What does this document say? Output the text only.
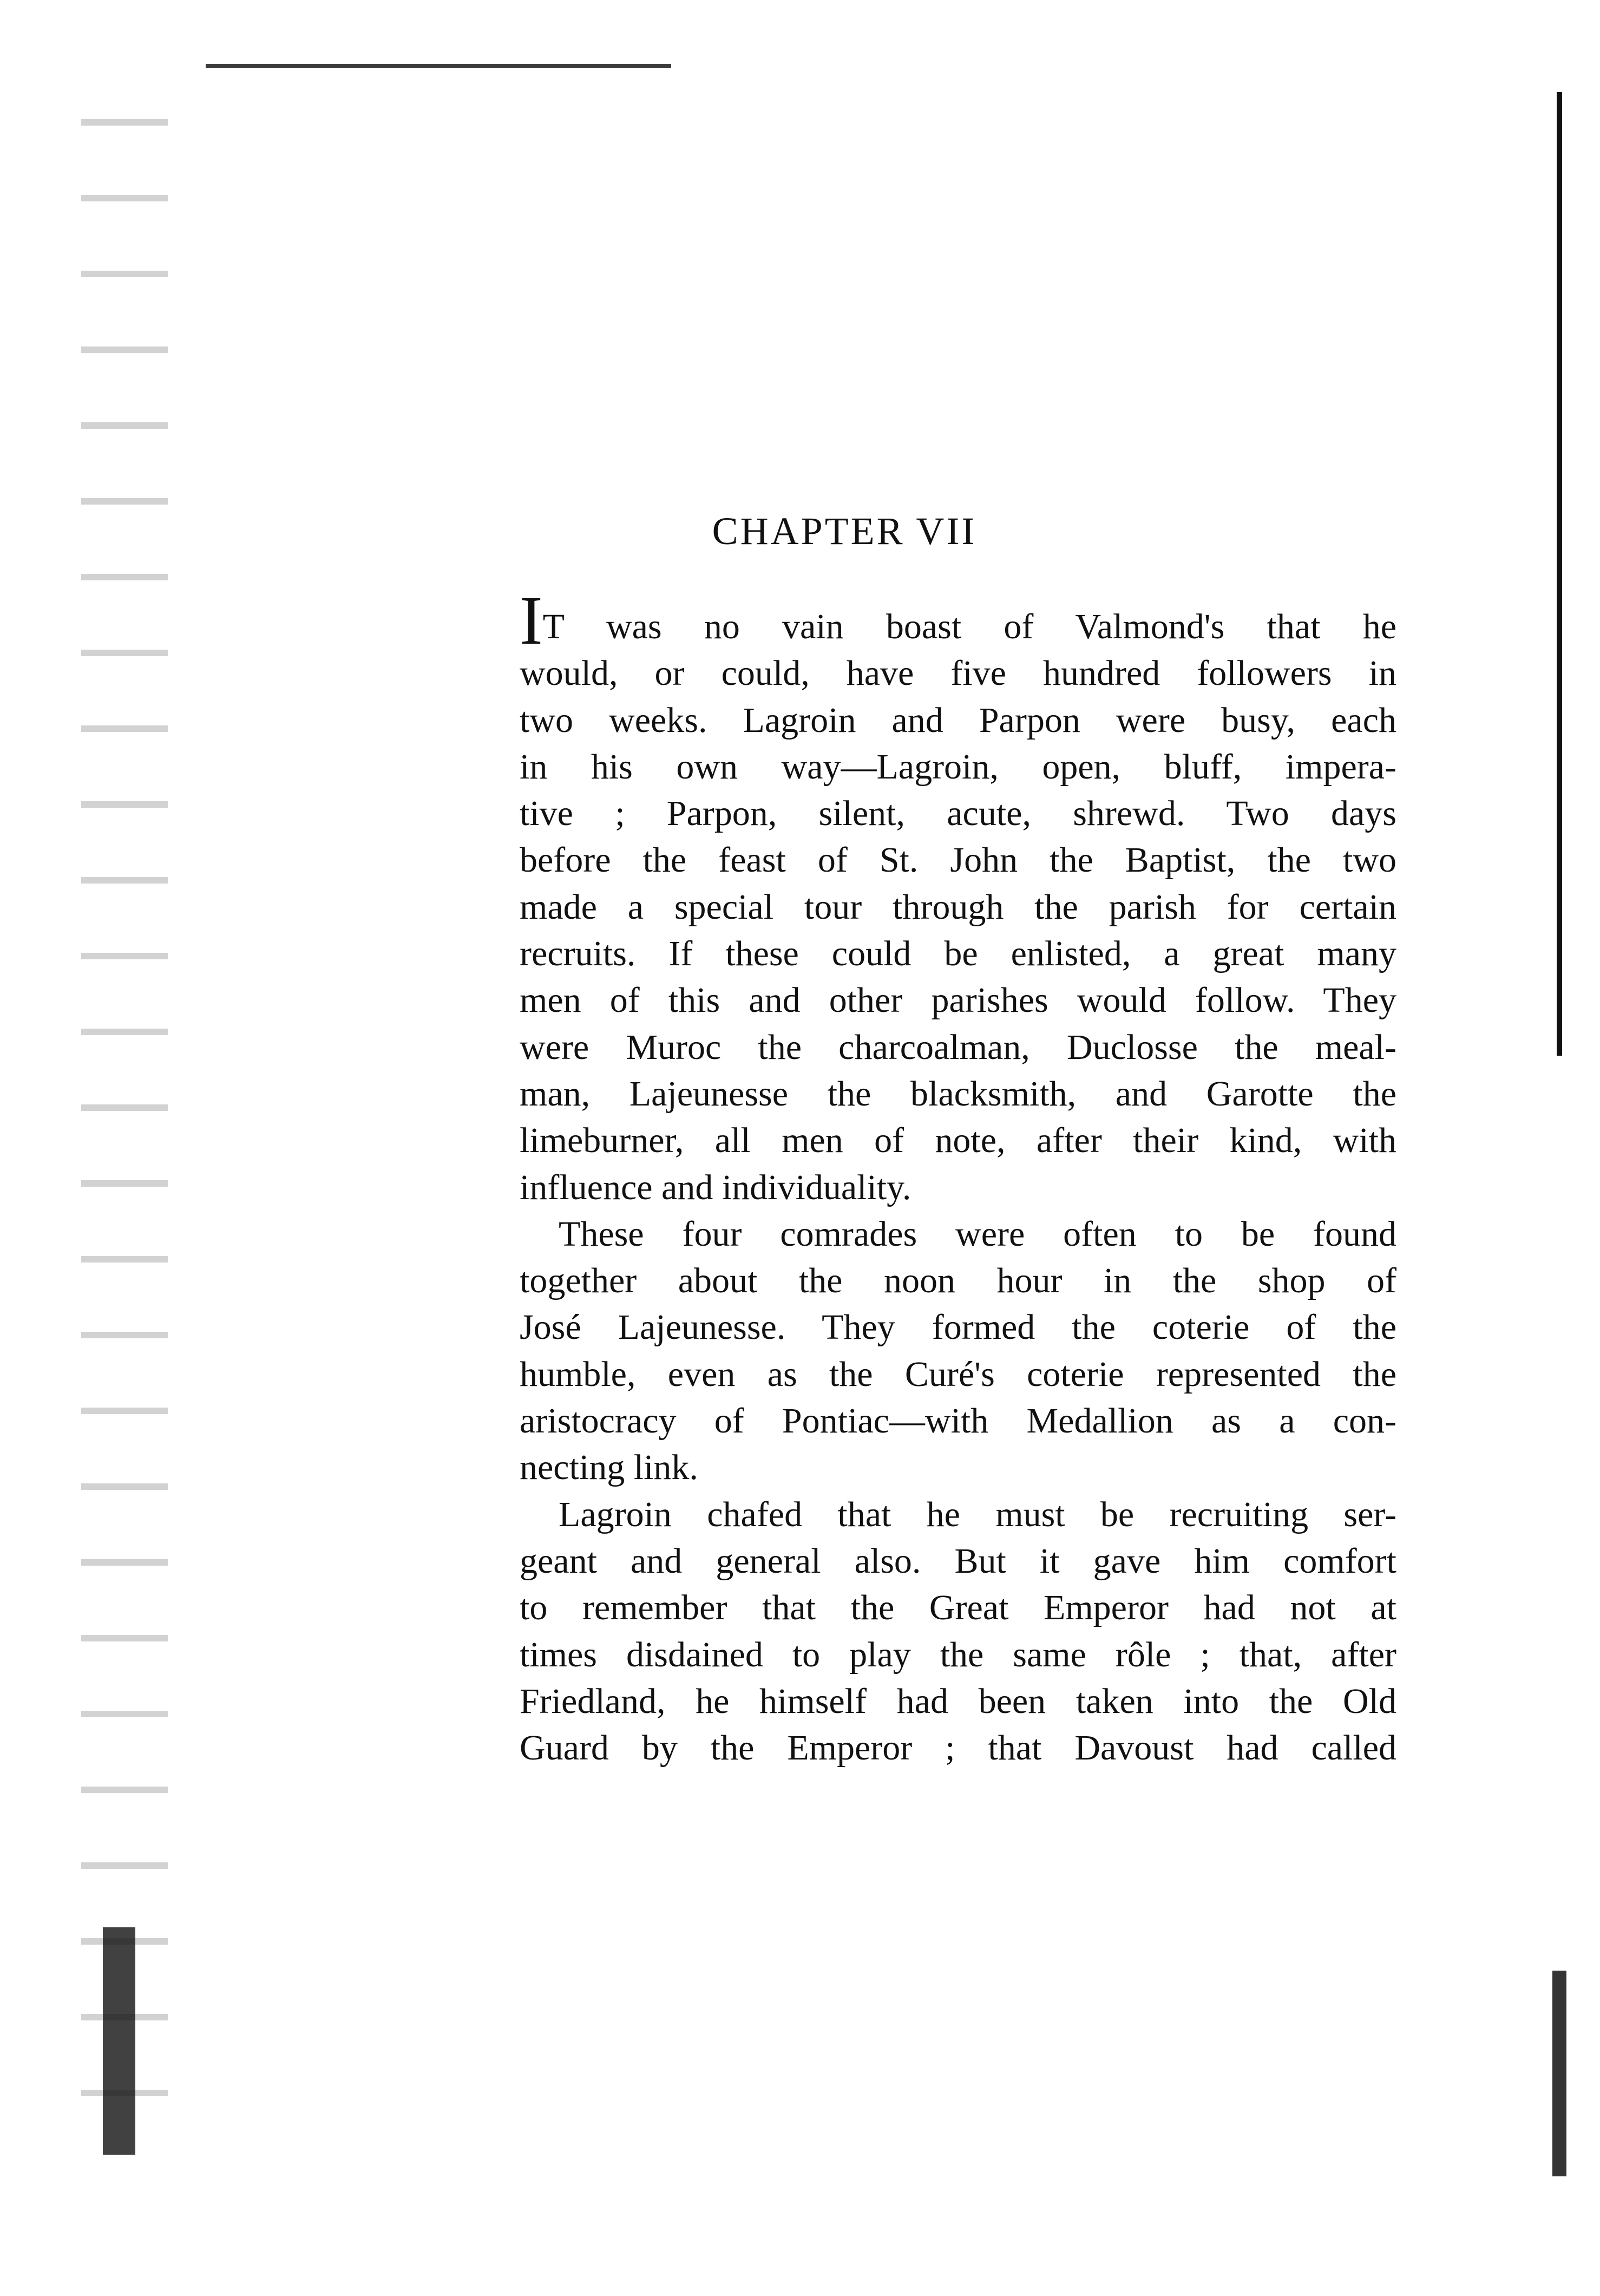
CHAPTER VII
IT was no vain boast of Valmond's that he
would, or could, have five hundred followers in
two weeks. Lagroin and Parpon were busy, each
in his own way—Lagroin, open, bluff, impera-
tive ; Parpon, silent, acute, shrewd. Two days
before the feast of St. John the Baptist, the two
made a special tour through the parish for certain
recruits. If these could be enlisted, a great many
men of this and other parishes would follow. They
were Muroc the charcoalman, Duclosse the meal-
man, Lajeunesse the blacksmith, and Garotte the
limeburner, all men of note, after their kind, with
influence and individuality.
These four comrades were often to be found
together about the noon hour in the shop of
José Lajeunesse. They formed the coterie of the
humble, even as the Curé's coterie represented the
aristocracy of Pontiac—with Medallion as a con-
necting link.
Lagroin chafed that he must be recruiting ser-
geant and general also. But it gave him comfort
to remember that the Great Emperor had not at
times disdained to play the same rôle ; that, after
Friedland, he himself had been taken into the Old
Guard by the Emperor ; that Davoust had called
